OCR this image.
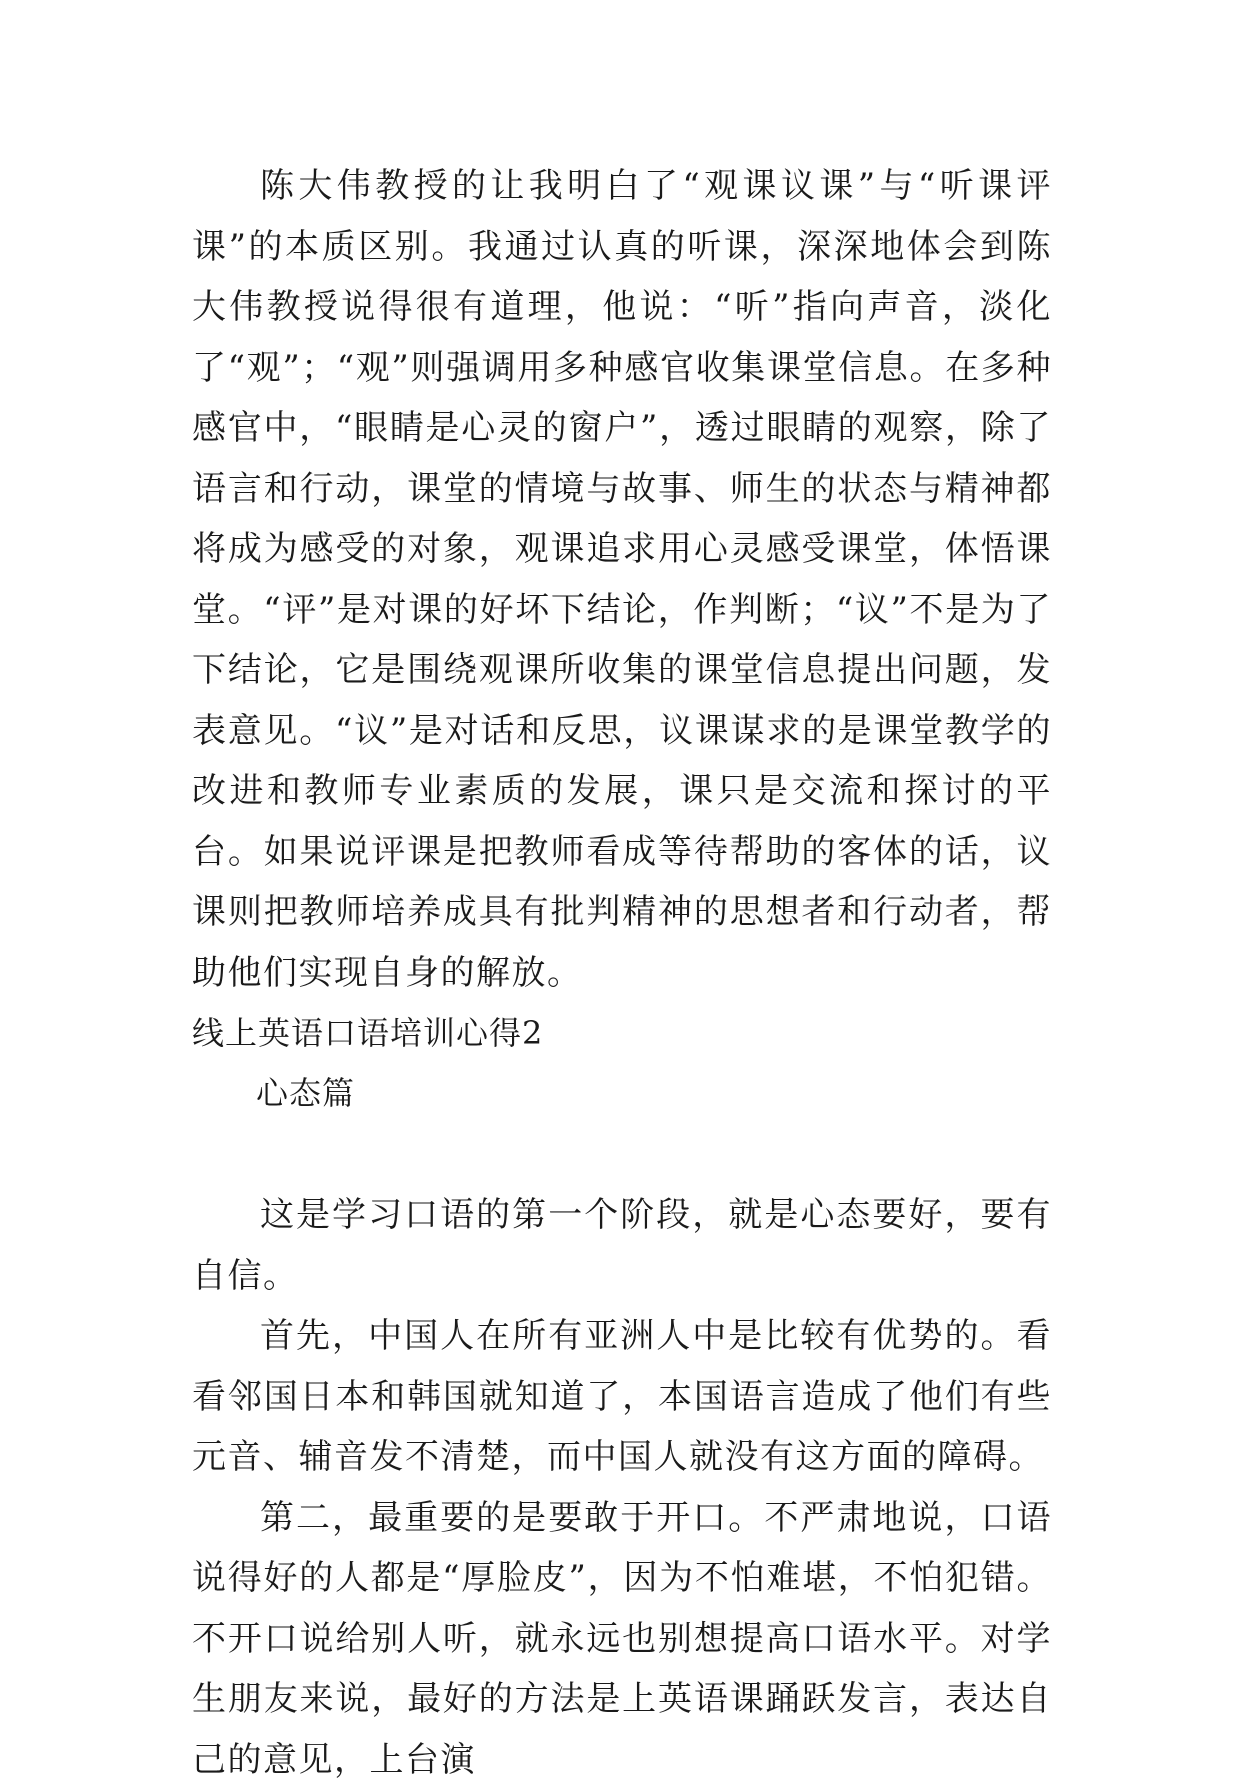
陈大伟教授的让我明白了“观课议课”与“听课评课”的本质区别。我通过认真的听课，深深地体会到陈大伟教授说得很有道理，他说：“听”指向声音，淡化了“观”；“观”则强调用多种感官收集课堂信息。在多种感官中，“眼睛是心灵的窗户”，透过眼睛的观察，除了语言和行动，课堂的情境与故事、师生的状态与精神都将成为感受的对象，观课追求用心灵感受课堂，体悟课堂。“评”是对课的好坏下结论，作判断；“议”不是为了下结论，它是围绕观课所收集的课堂信息提出问题，发表意见。“议”是对话和反思，议课谋求的是课堂教学的改进和教师专业素质的发展，课只是交流和探讨的平台。如果说评课是把教师看成等待帮助的客体的话，议课则把教师培养成具有批判精神的思想者和行动者，帮助他们实现自身的解放。

线上英语口语培训心得2

心态篇

这是学习口语的第一个阶段，就是心态要好，要有自信。

首先，中国人在所有亚洲人中是比较有优势的。看看邻国日本和韩国就知道了，本国语言造成了他们有些元音、辅音发不清楚，而中国人就没有这方面的障碍。

第二，最重要的是要敢于开口。不严肃地说，口语说得好的人都是“厚脸皮”，因为不怕难堪，不怕犯错。不开口说给别人听，就永远也别想提高口语水平。对学生朋友来说，最好的方法是上英语课踊跃发言，表达自己的意见，上台演
